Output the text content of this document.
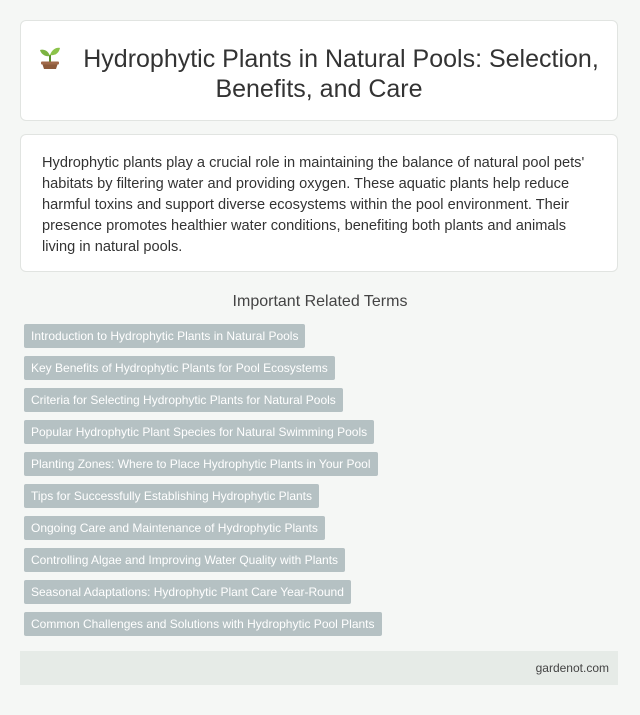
Hydrophytic Plants in Natural Pools: Selection,
Benefits, and Care

Hydrophytic plants play a crucial role in maintaining the balance of natural pool pets' habitats by filtering water and providing oxygen. These aquatic plants help reduce harmful toxins and support diverse ecosystems within the pool environment. Their presence promotes healthier water conditions, benefiting both plants and animals living in natural pools.

Important Related Terms
Introduction to Hydrophytic Plants in Natural Pools
Key Benefits of Hydrophytic Plants for Pool Ecosystems
Criteria for Selecting Hydrophytic Plants for Natural Pools
Popular Hydrophytic Plant Species for Natural Swimming Pools
Planting Zones: Where to Place Hydrophytic Plants in Your Pool
Tips for Successfully Establishing Hydrophytic Plants
Ongoing Care and Maintenance of Hydrophytic Plants
Controlling Algae and Improving Water Quality with Plants
Seasonal Adaptations: Hydrophytic Plant Care Year-Round
Common Challenges and Solutions with Hydrophytic Pool Plants
gardenot.com
